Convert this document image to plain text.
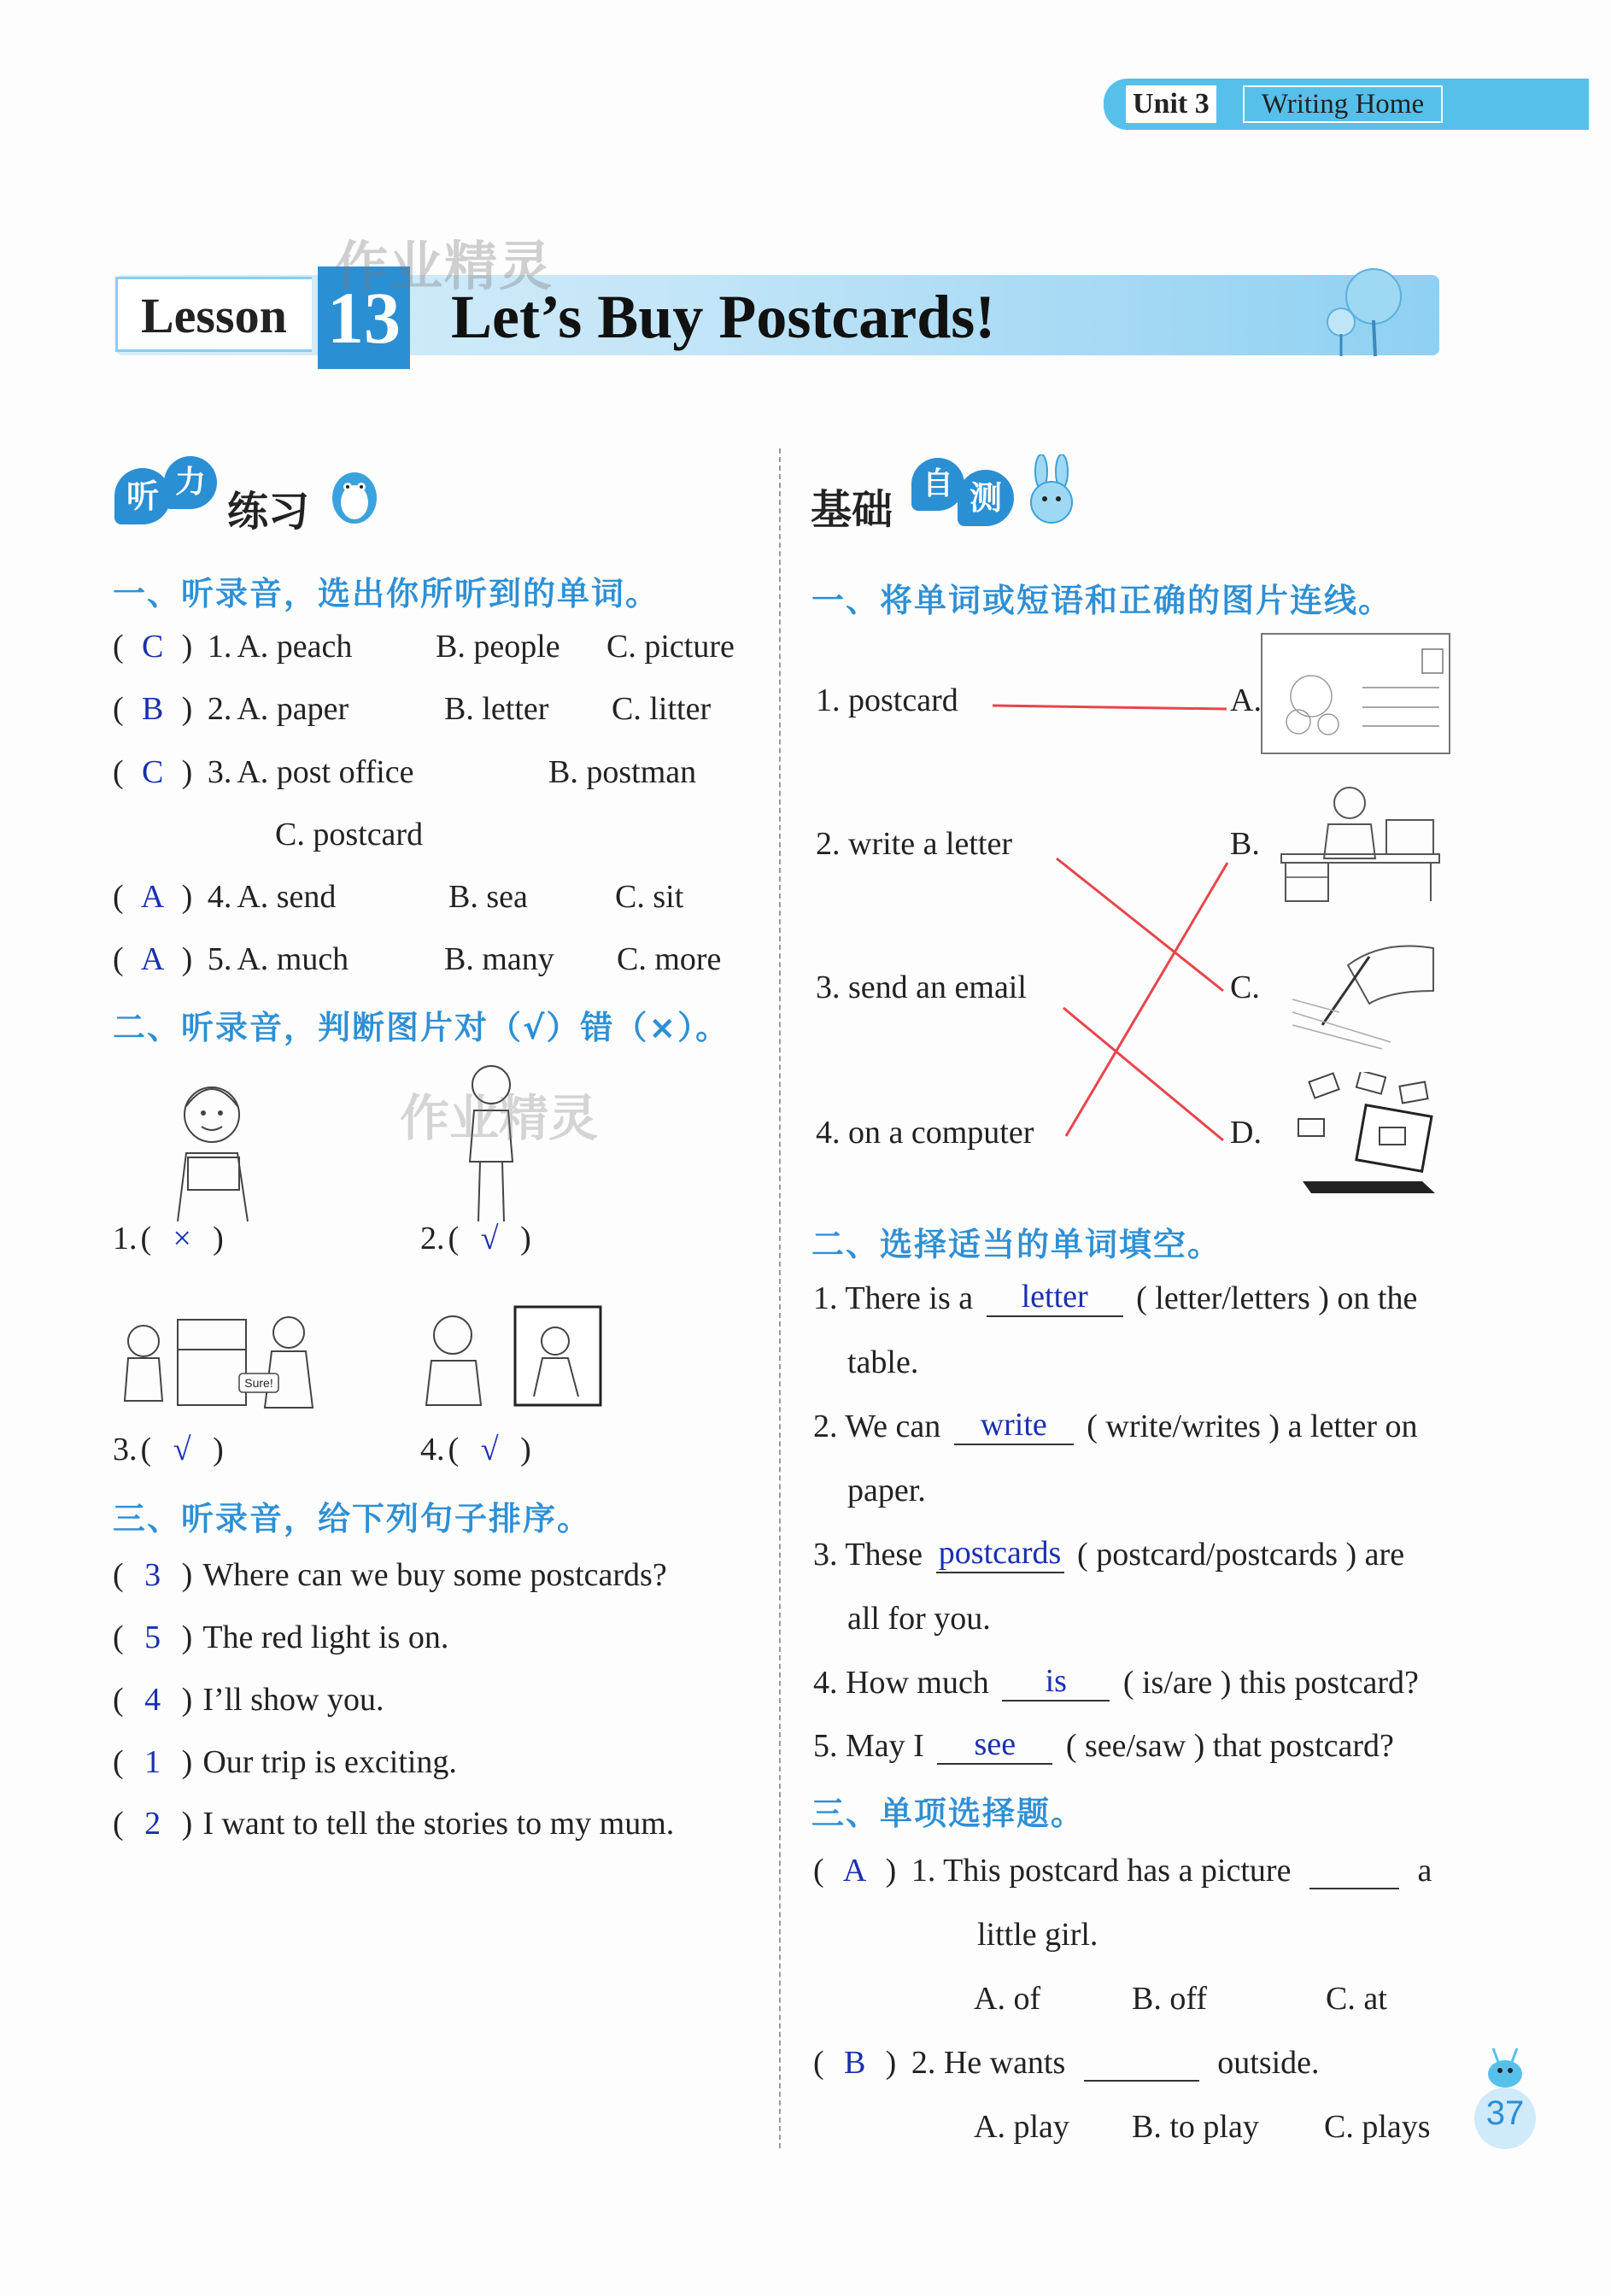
Unit 3	Writing Home
Lesson 13 Let’s Buy Postcards!
作业精灵
听 力
练习
一、听录音，选出你所听到的单词。
( C ) 1. A. peach	B. people C. picture
( B ) 2. A. paper	B. letter C. litter
( C ) 3. A. post office	B. postman
C. postcard
( A ) 4. A. send	B. sea	C. sit
( A ) 5. A. much	B. many C. more
二、听录音，判断图片对（√）错（×）。
作业精灵
1. ( × )	2. ( √ )
Sure!
3. ( √ )	4. ( √ )
三、听录音，给下列句子排序。
( 3 ) Where can we buy some postcards?
( 5 ) The red light is on.
( 4 ) I’ll show you.
( 1 ) Our trip is exciting.
( 2 ) I want to tell the stories to my mum.
基础
自 测
一、将单词或短语和正确的图片连线。
1. postcard
2. write a letter
3. send an email
4. on a computer
A.
B.
C.
D.
二、选择适当的单词填空。
1. There is a letter ( letter/letters ) on the
table.
2. We can write ( write/writes ) a letter on
paper.
3. These postcards ( postcard/postcards ) are
all for you.
4. How much is ( is/are ) this postcard?
5. May I see ( see/saw ) that postcard?
三、单项选择题。
( A ) 1. This postcard has a picture	a
little girl.
A. of	B. off	C. at
( B ) 2. He wants	outside.
A. play B. to play C. plays	37
